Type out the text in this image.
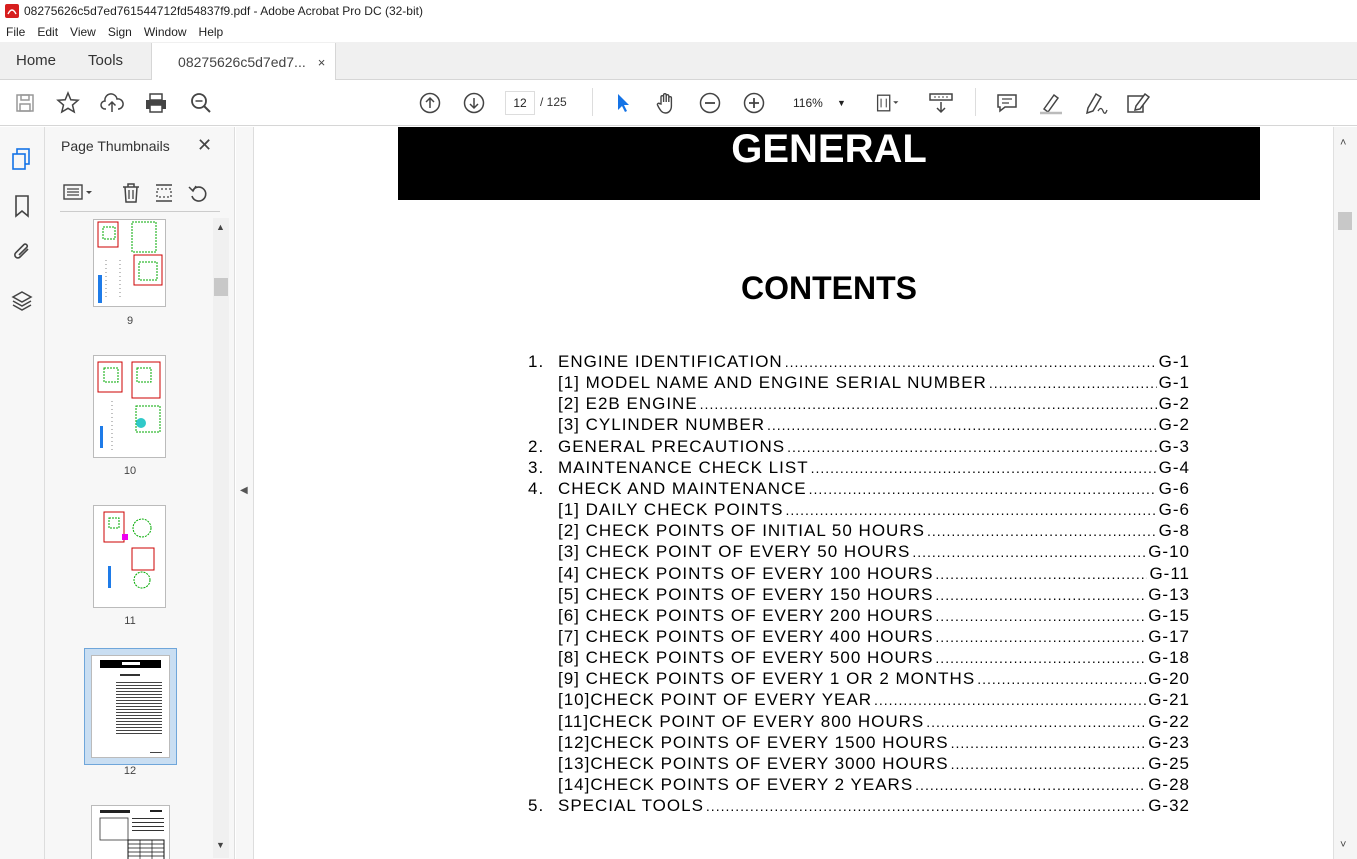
08275626c5d7ed761544712fd54837f9.pdf - Adobe Acrobat Pro DC (32-bit)
File	Edit	View	Sign	Window	Help
Home	Tools	08275626c5d7ed7... ×
12	/ 125	116% ▼
Page Thumbnails ✕
9
10
11
12
▲
▼
◀
GENERAL
CONTENTS
1. ENGINE IDENTIFICATION .....	G-1
[1] MODEL NAME AND ENGINE SERIAL NUMBER .....	G-1
[2] E2B ENGINE .....	G-2
[3] CYLINDER NUMBER .....	G-2
2. GENERAL PRECAUTIONS .....	G-3
3. MAINTENANCE CHECK LIST .....	G-4
4. CHECK AND MAINTENANCE .....	G-6
[1] DAILY CHECK POINTS .....	G-6
[2] CHECK POINTS OF INITIAL 50 HOURS .....	G-8
[3] CHECK POINT OF EVERY 50 HOURS .....	G-10
[4] CHECK POINTS OF EVERY 100 HOURS .....	G-11
[5] CHECK POINTS OF EVERY 150 HOURS .....	G-13
[6] CHECK POINTS OF EVERY 200 HOURS .....	G-15
[7] CHECK POINTS OF EVERY 400 HOURS .....	G-17
[8] CHECK POINTS OF EVERY 500 HOURS .....	G-18
[9] CHECK POINTS OF EVERY 1 OR 2 MONTHS .....	G-20
[10]CHECK POINT OF EVERY YEAR .....	G-21
[11]CHECK POINT OF EVERY 800 HOURS .....	G-22
[12]CHECK POINTS OF EVERY 1500 HOURS .....	G-23
[13]CHECK POINTS OF EVERY 3000 HOURS .....	G-25
[14]CHECK POINTS OF EVERY 2 YEARS .....	G-28
5. SPECIAL TOOLS .....	G-32
˄
˅
